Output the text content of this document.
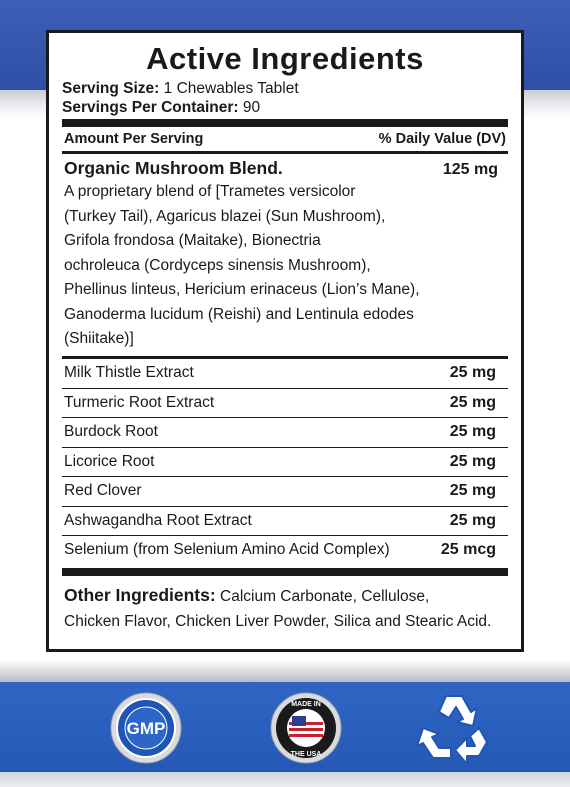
Active Ingredients
Serving Size: 1 Chewables Tablet
Servings Per Container: 90
Amount Per Serving	% Daily Value (DV)
Organic Mushroom Blend.	125 mg
A proprietary blend of [Trametes versicolor
(Turkey Tail), Agaricus blazei (Sun Mushroom),
Grifola frondosa (Maitake), Bionectria
ochroleuca (Cordyceps sinensis Mushroom),
Phellinus linteus, Hericium erinaceus (Lion’s Mane),
Ganoderma lucidum (Reishi) and Lentinula edodes
(Shiitake)]
Milk Thistle Extract	25 mg
Turmeric Root Extract	25 mg
Burdock Root	25 mg
Licorice Root	25 mg
Red Clover	25 mg
Ashwagandha Root Extract	25 mg
Selenium (from Selenium Amino Acid Complex)	25 mcg
Other Ingredients: Calcium Carbonate, Cellulose,
Chicken Flavor, Chicken Liver Powder, Silica and Stearic Acid.
GMP
MADE IN
THE USA
